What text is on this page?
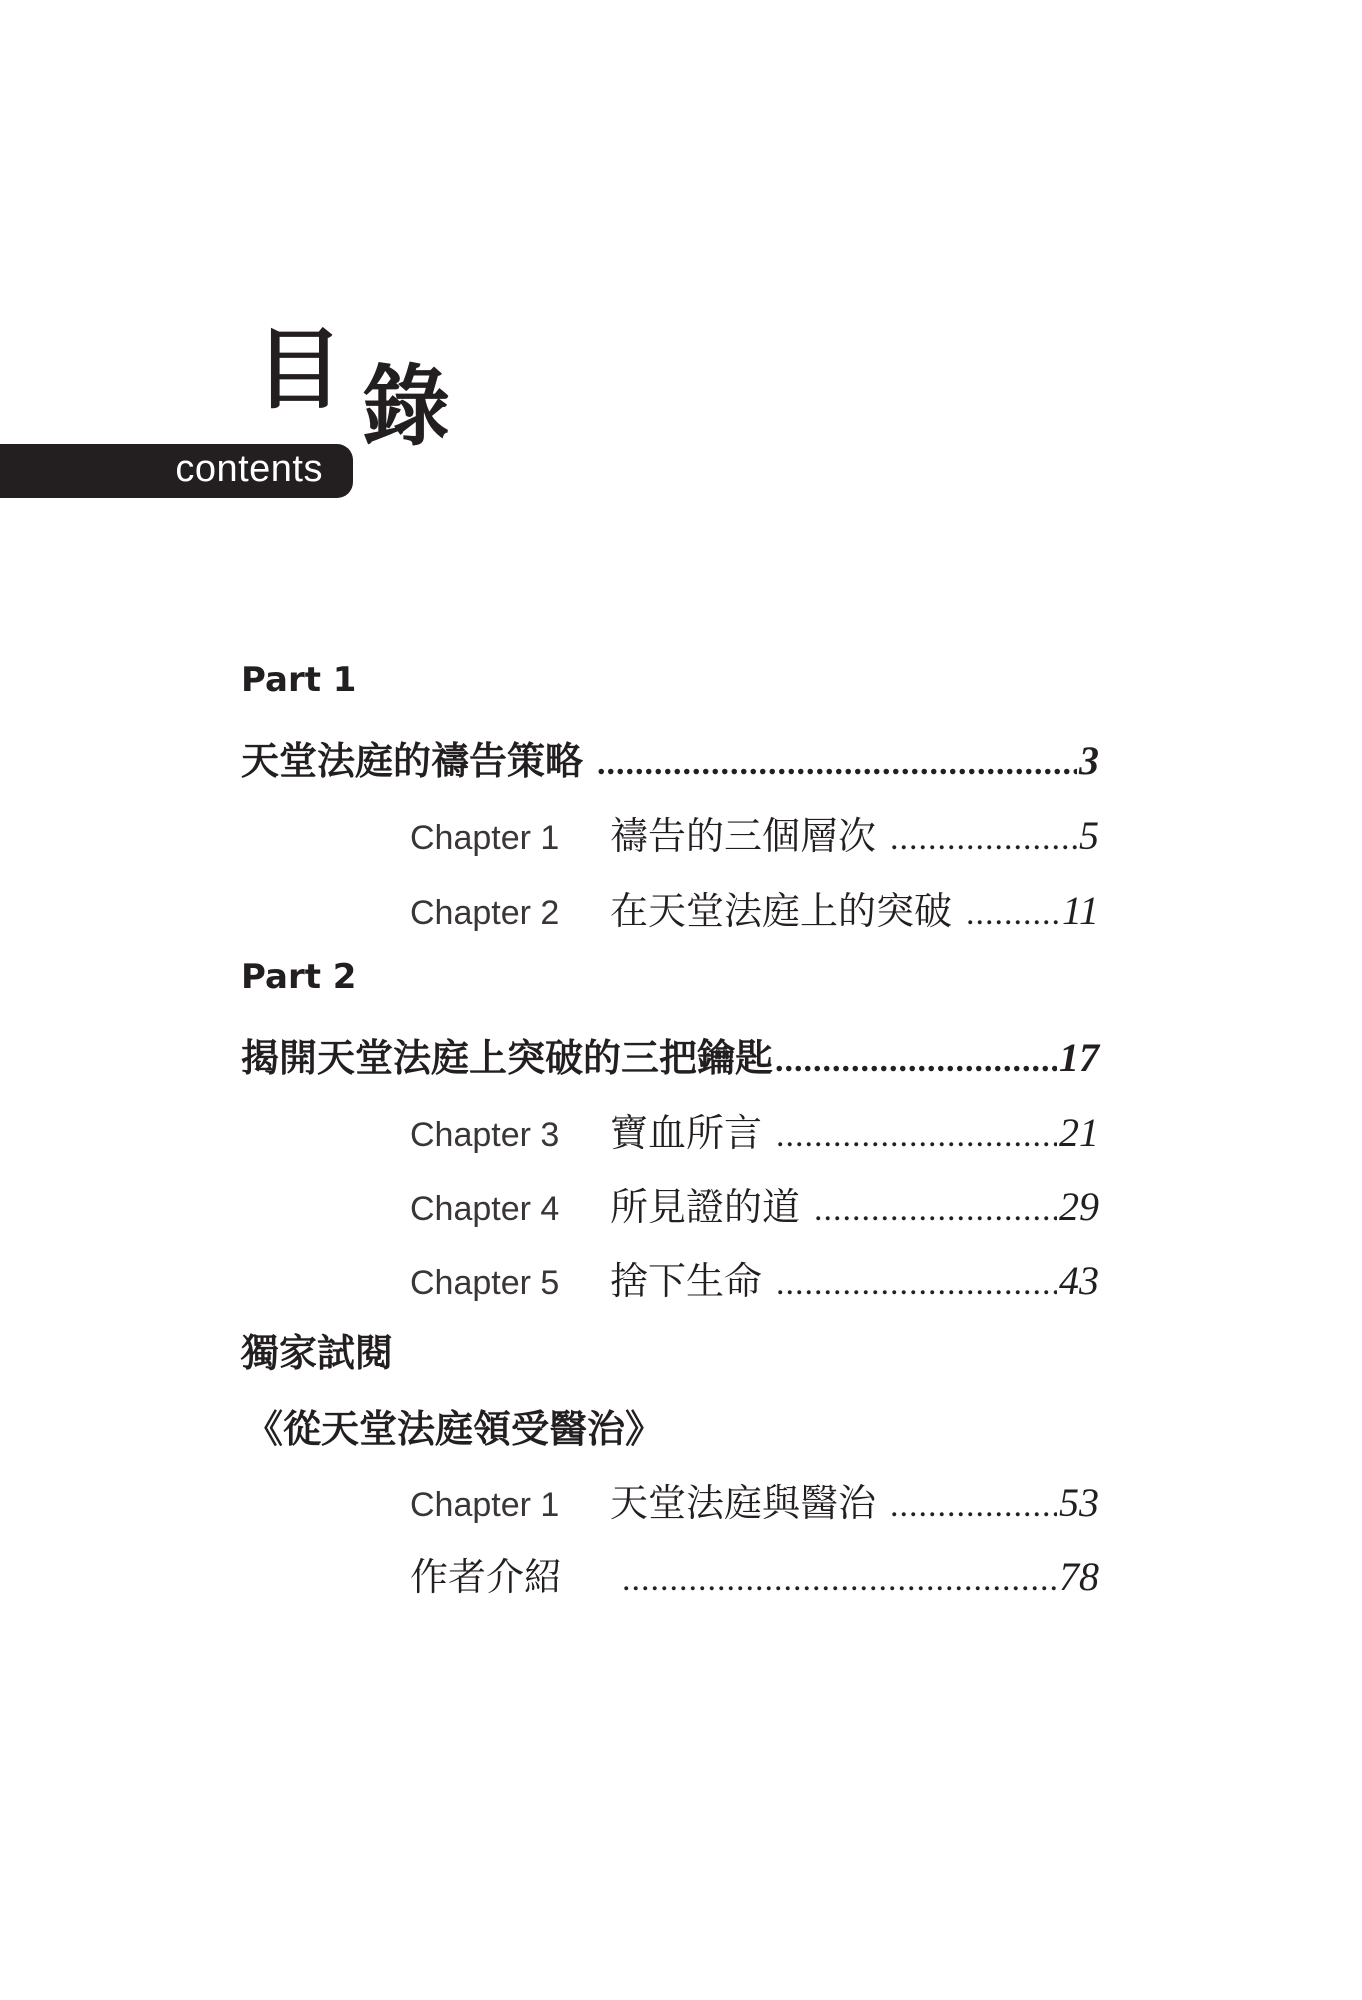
目 錄
contents
Part 1
天堂法庭的禱告策略 .....	3
Chapter 1	禱告的三個層次 .....	5
Chapter 2	在天堂法庭上的突破 .....	11
Part 2
揭開天堂法庭上突破的三把鑰匙 .....	17
Chapter 3	寶血所言 .....	21
Chapter 4	所見證的道 .....	29
Chapter 5	捨下生命 .....	43
獨家試閱
《從天堂法庭領受醫治》
Chapter 1	天堂法庭與醫治 .....	53
作者介紹 .....	78
